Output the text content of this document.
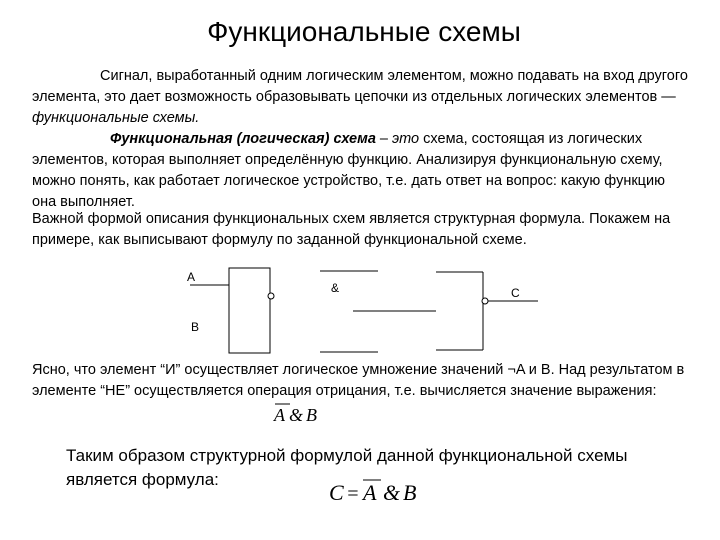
Функциональные схемы

Сигнал, выработанный одним логическим элементом, можно подавать на вход другого элемента, это дает возможность образовывать цепочки из отдельных логических элементов — функциональные схемы.

Функциональная (логическая) схема – это схема, состоящая из логических элементов, которая выполняет определённую функцию. Анализируя функциональную схему, можно понять, как работает логическое устройство, т.е. дать ответ на вопрос: какую функцию она выполняет.

Важной формой описания функциональных схем является структурная формула. Покажем на примере, как выписывают формулу по заданной функциональной схеме.

A
B
&	C
A & B
C = A & B

Ясно, что элемент “И” осуществляет логическое умножение значений ¬A и B. Над результатом в элементе “НЕ” осуществляется операция отрицания, т.е. вычисляется значение выражения:

Таким образом структурной формулой данной функциональной схемы является формула:
